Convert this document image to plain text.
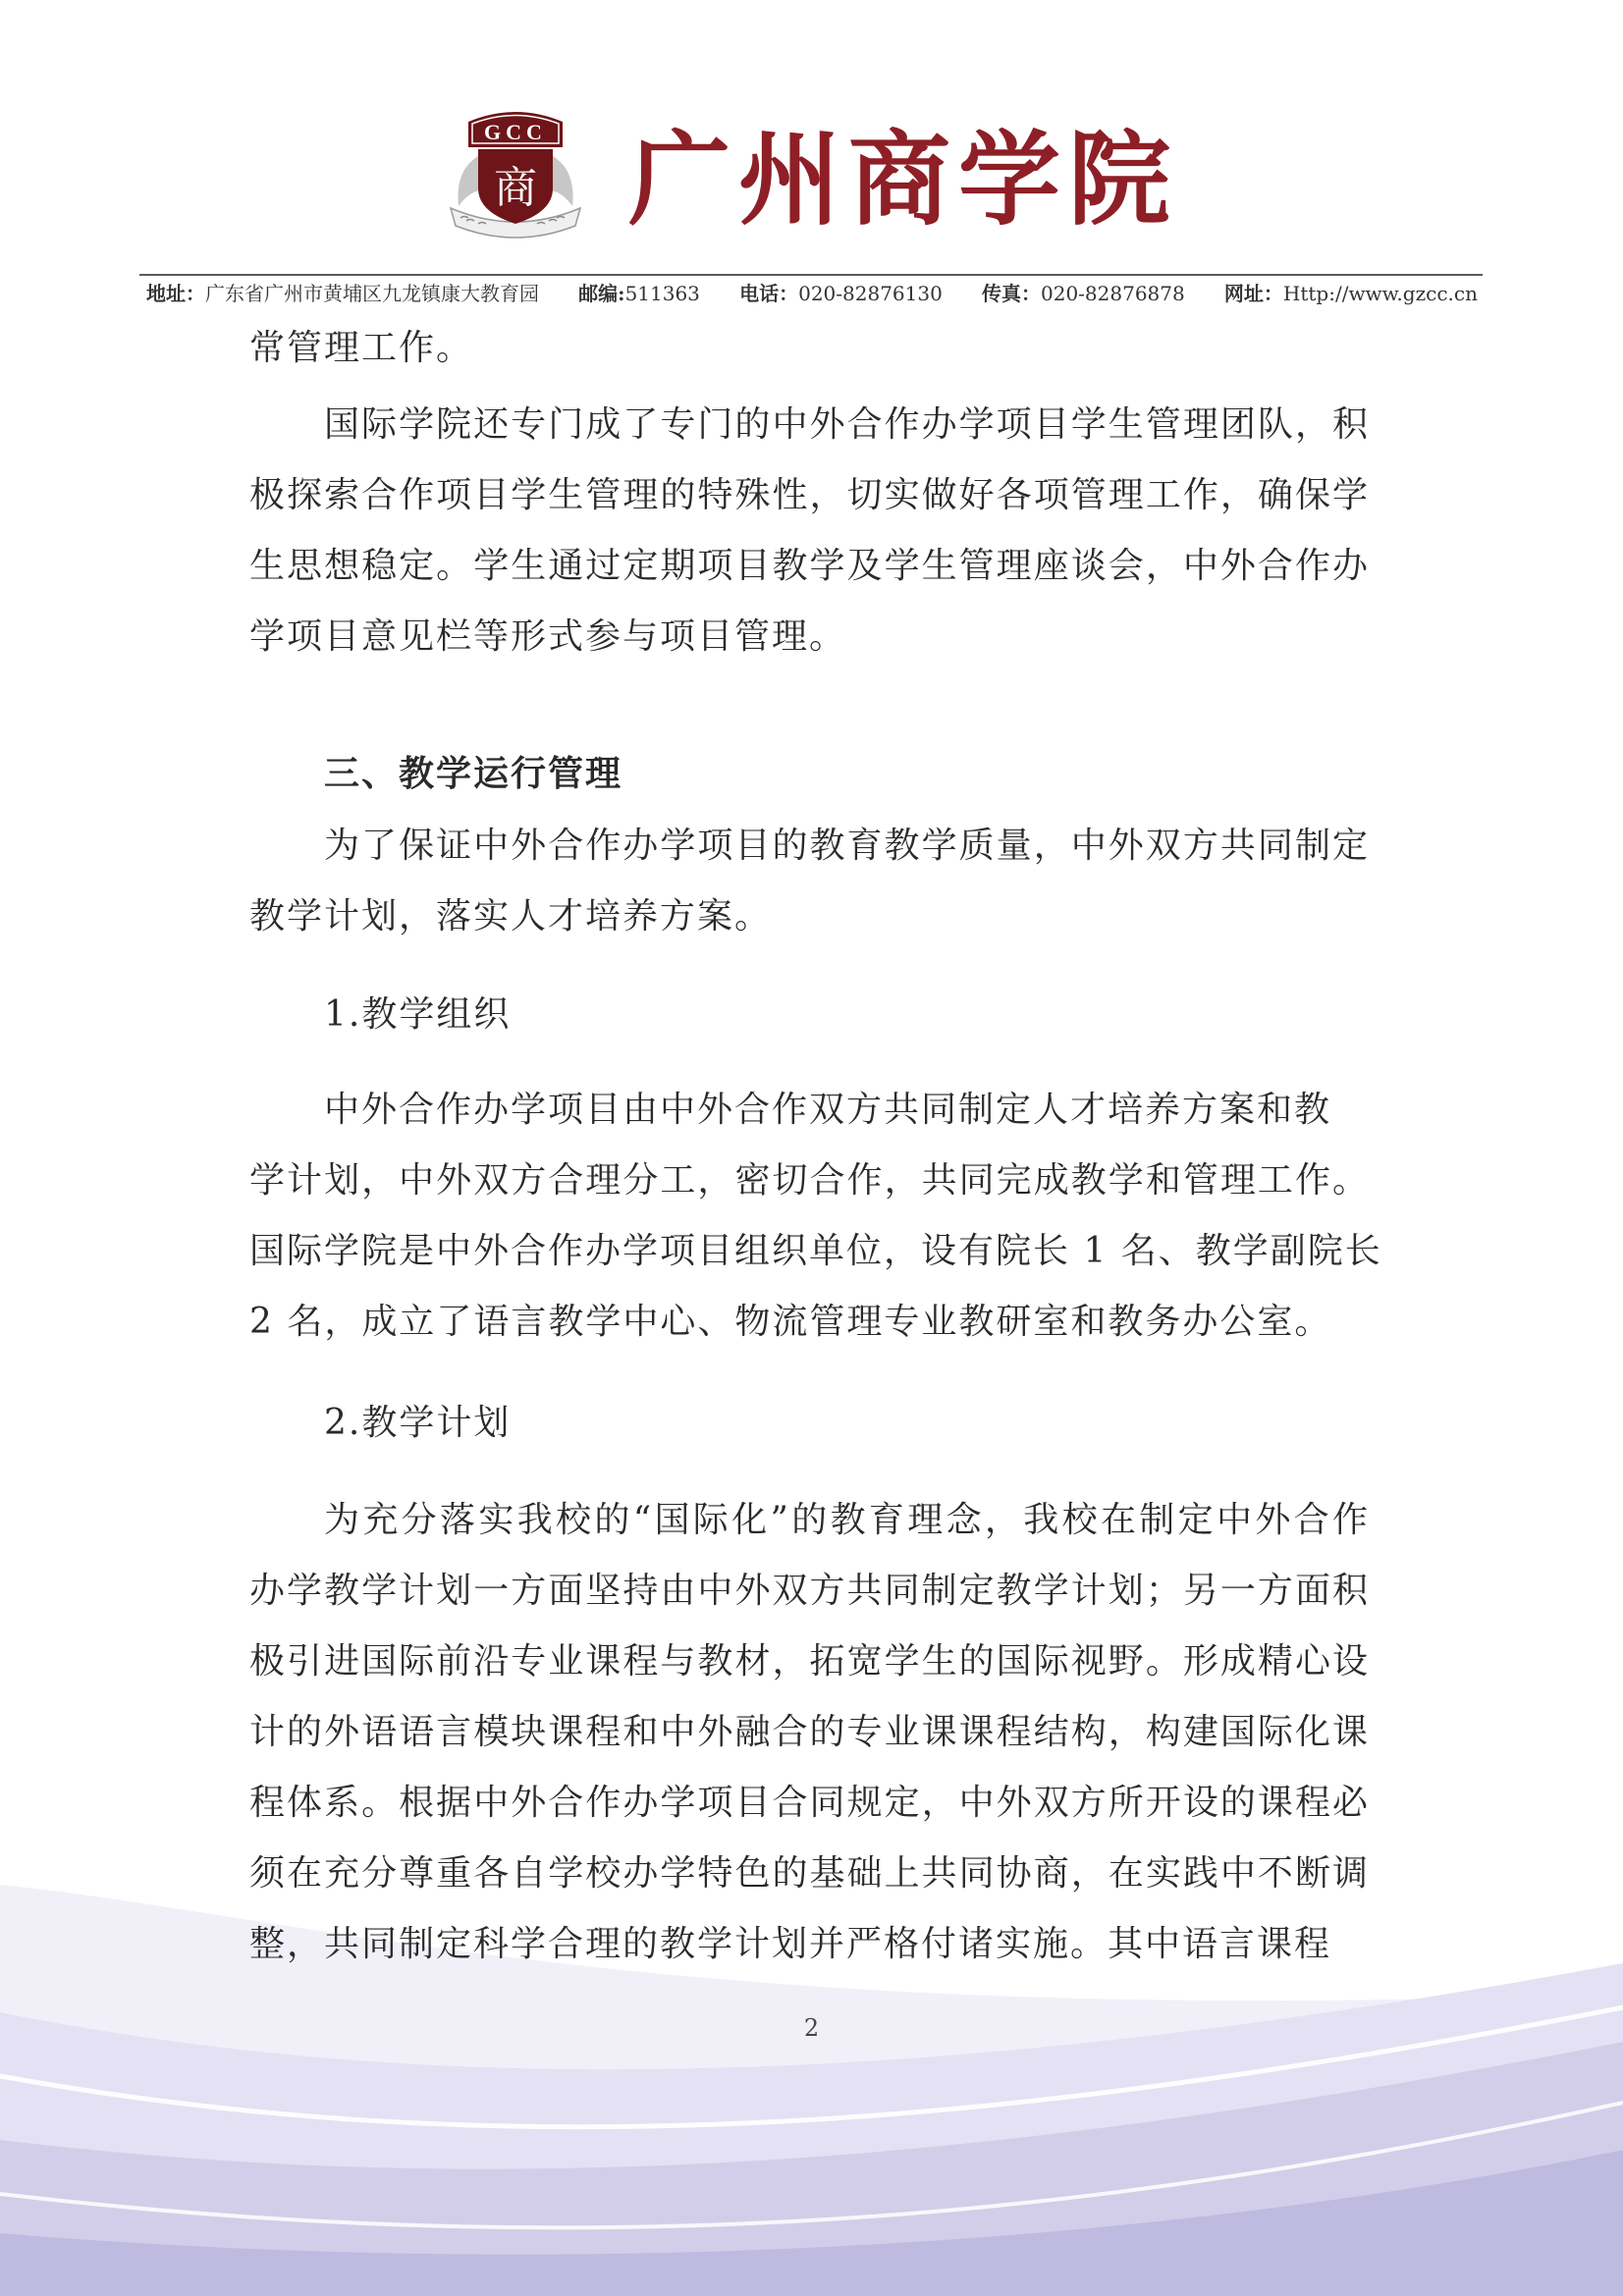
GCC
商 广州商学院
地址：广东省广州市黄埔区九龙镇康大教育园 邮编:511363 电话：020-82876130 传真：020-82876878 网址：Http://www.gzcc.cn
常管理工作。
国际学院还专门成了专门的中外合作办学项目学生管理团队，积
极探索合作项目学生管理的特殊性，切实做好各项管理工作，确保学
生思想稳定。学生通过定期项目教学及学生管理座谈会，中外合作办
学项目意见栏等形式参与项目管理。
三、教学运行管理
为了保证中外合作办学项目的教育教学质量，中外双方共同制定
教学计划，落实人才培养方案。
1.教学组织
中外合作办学项目由中外合作双方共同制定人才培养方案和教
学计划，中外双方合理分工，密切合作，共同完成教学和管理工作。
国际学院是中外合作办学项目组织单位，设有院长 1 名、教学副院长
2 名，成立了语言教学中心、物流管理专业教研室和教务办公室。
2.教学计划
为充分落实我校的“国际化”的教育理念，我校在制定中外合作
办学教学计划一方面坚持由中外双方共同制定教学计划；另一方面积
极引进国际前沿专业课程与教材，拓宽学生的国际视野。形成精心设
计的外语语言模块课程和中外融合的专业课课程结构，构建国际化课
程体系。根据中外合作办学项目合同规定，中外双方所开设的课程必
须在充分尊重各自学校办学特色的基础上共同协商，在实践中不断调
整，共同制定科学合理的教学计划并严格付诸实施。其中语言课程
2
